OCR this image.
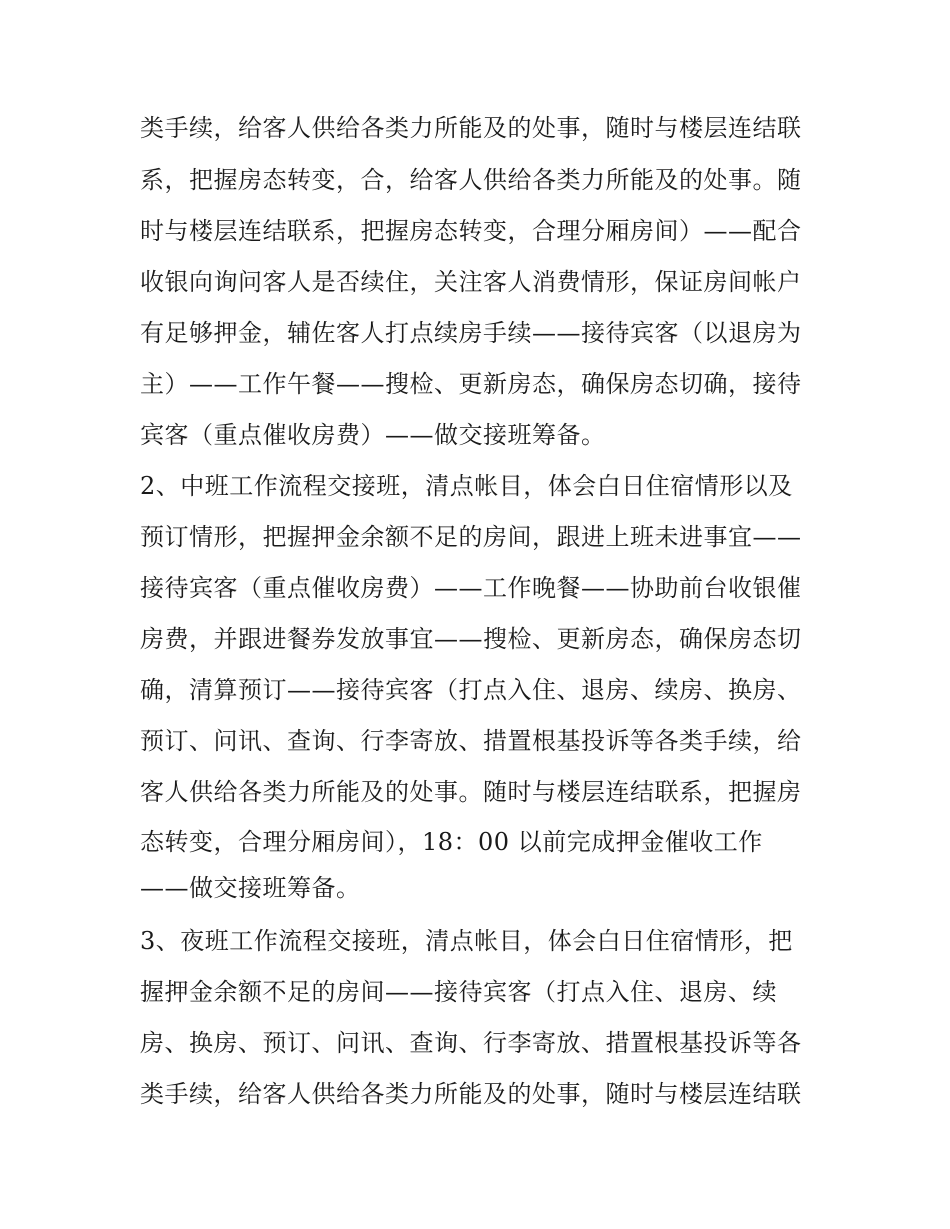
类手续，给客人供给各类力所能及的处事，随时与楼层连结联
系，把握房态转变，合，给客人供给各类力所能及的处事。随
时与楼层连结联系，把握房态转变，合理分厢房间）——配合
收银向询问客人是否续住，关注客人消费情形，保证房间帐户
有足够押金，辅佐客人打点续房手续——接待宾客（以退房为
主）——工作午餐——搜检、更新房态，确保房态切确，接待
宾客（重点催收房费）——做交接班筹备。
2、中班工作流程交接班，清点帐目，体会白日住宿情形以及
预订情形，把握押金余额不足的房间，跟进上班未进事宜——
接待宾客（重点催收房费）——工作晚餐——协助前台收银催
房费，并跟进餐券发放事宜——搜检、更新房态，确保房态切
确，清算预订——接待宾客（打点入住、退房、续房、换房、
预订、问讯、查询、行李寄放、措置根基投诉等各类手续，给
客人供给各类力所能及的处事。随时与楼层连结联系，把握房
态转变，合理分厢房间），18：00 以前完成押金催收工作
——做交接班筹备。
3、夜班工作流程交接班，清点帐目，体会白日住宿情形，把
握押金余额不足的房间——接待宾客（打点入住、退房、续
房、换房、预订、问讯、查询、行李寄放、措置根基投诉等各
类手续，给客人供给各类力所能及的处事，随时与楼层连结联
